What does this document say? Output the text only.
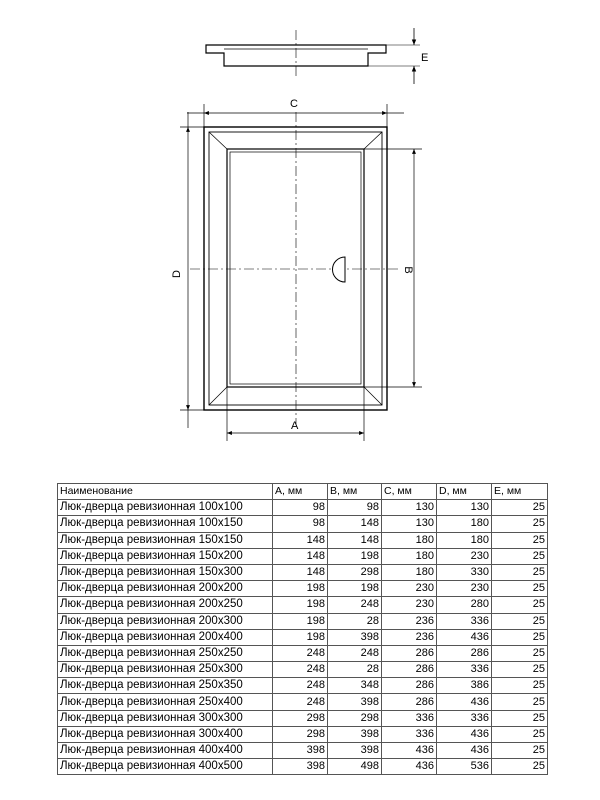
E
C
D
B
A
Наименование	A, мм	B, мм	C, мм	D, мм	E, мм
Люк-дверца ревизионная 100х100	98	98	130	130	25
Люк-дверца ревизионная 100х150	98	148	130	180	25
Люк-дверца ревизионная 150х150	148	148	180	180	25
Люк-дверца ревизионная 150х200	148	198	180	230	25
Люк-дверца ревизионная 150х300	148	298	180	330	25
Люк-дверца ревизионная 200х200	198	198	230	230	25
Люк-дверца ревизионная 200х250	198	248	230	280	25
Люк-дверца ревизионная 200х300	198	28	236	336	25
Люк-дверца ревизионная 200х400	198	398	236	436	25
Люк-дверца ревизионная 250х250	248	248	286	286	25
Люк-дверца ревизионная 250х300	248	28	286	336	25
Люк-дверца ревизионная 250х350	248	348	286	386	25
Люк-дверца ревизионная 250х400	248	398	286	436	25
Люк-дверца ревизионная 300х300	298	298	336	336	25
Люк-дверца ревизионная 300х400	298	398	336	436	25
Люк-дверца ревизионная 400х400	398	398	436	436	25
Люк-дверца ревизионная 400х500	398	498	436	536	25
